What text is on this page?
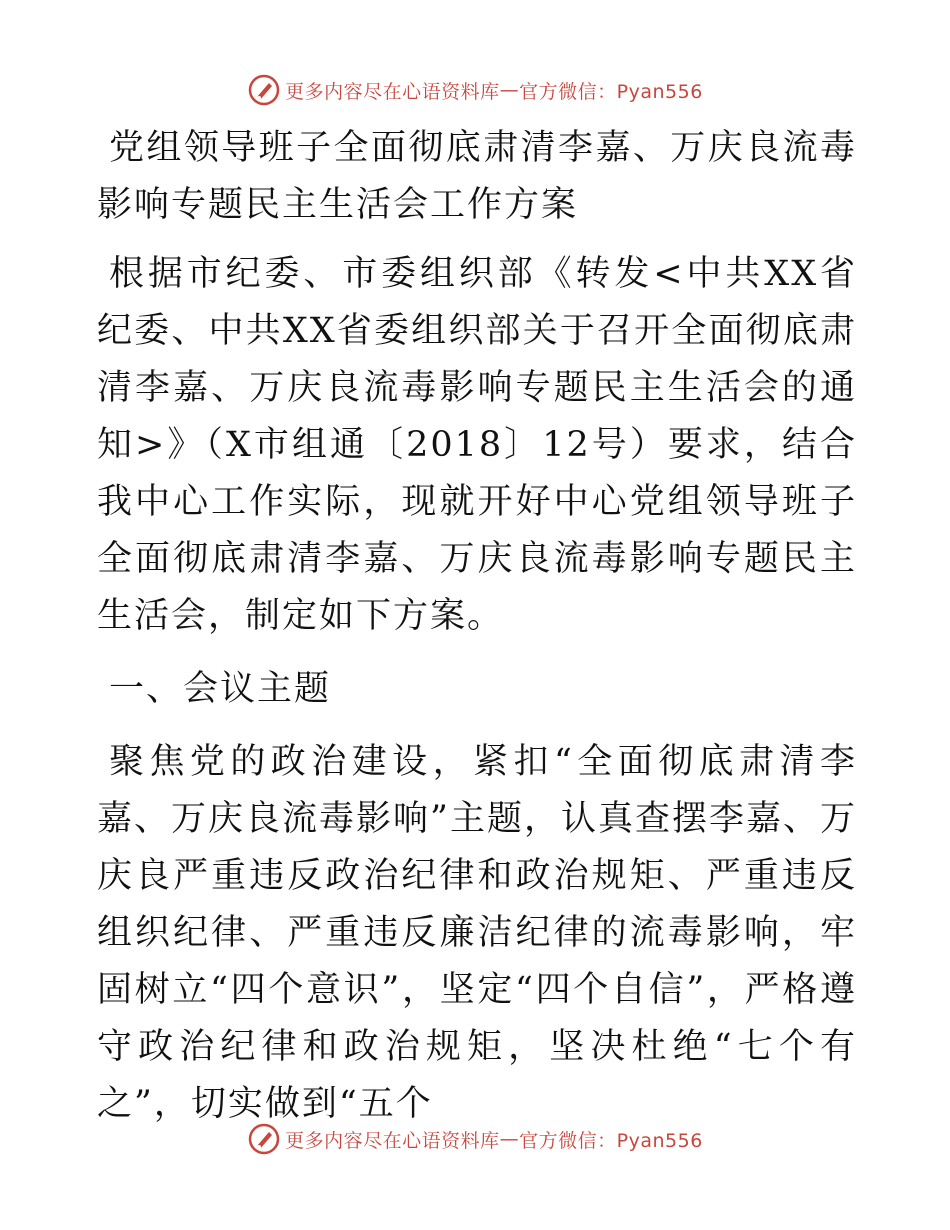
更多内容尽在心语资料库 — 官方微信：Pyan556

党组领导班子全面彻底肃清李嘉、万庆良流毒影响专题民主生活会工作方案

根据市纪委、市委组织部《转发<中共XX省纪委、中共XX省委组织部关于召开全面彻底肃清李嘉、万庆良流毒影响专题民主生活会的通知>》（X市组通〔2018〕12号）要求，结合我中心工作实际，现就开好中心党组领导班子全面彻底肃清李嘉、万庆良流毒影响专题民主生活会，制定如下方案。

一、会议主题

聚焦党的政治建设，紧扣“全面彻底肃清李嘉、万庆良流毒影响”主题，认真查摆李嘉、万庆良严重违反政治纪律和政治规矩、严重违反组织纪律、严重违反廉洁纪律的流毒影响，牢固树立“四个意识”，坚定“四个自信”，严格遵守政治纪律和政治规矩，坚决杜绝“七个有之”，切实做到“五个

更多内容尽在心语资料库 — 官方微信：Pyan556
